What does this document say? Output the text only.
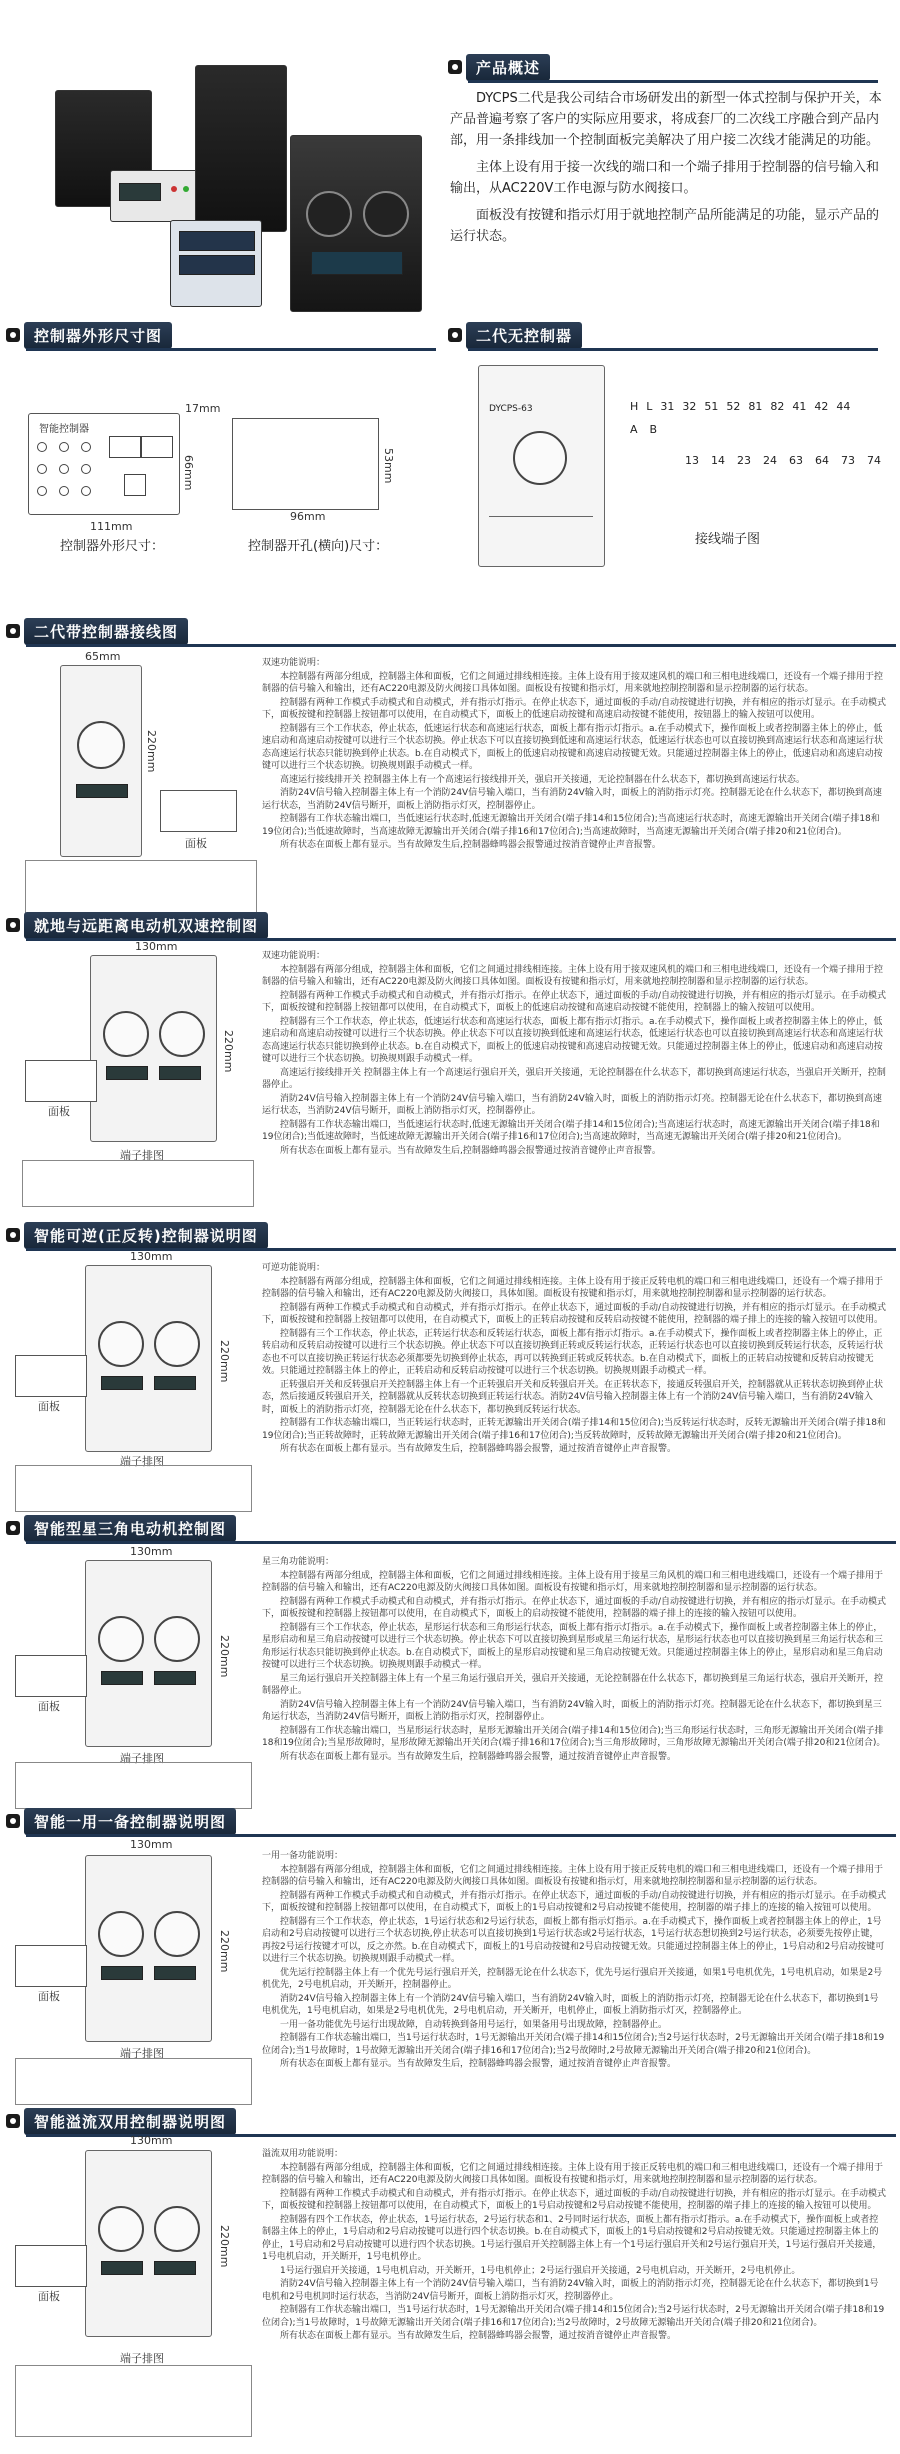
产品概述

DYCPS二代是我公司结合市场研发出的新型一体式控制与保护开关，本产品普遍考察了客户的实际应用要求，将成套厂的二次线工序融合到产品内部，用一条排线加一个控制面板完美解决了用户接二次线才能满足的功能。

主体上设有用于接一次线的端口和一个端子排用于控制器的信号输入和输出，从AC220V工作电源与防水阀接口。

面板没有按键和指示灯用于就地控制产品所能满足的功能，显示产品的运行状态。

控制器外形尺寸图
智能控制器
111mm
66mm
17mm
96mm
53mm
控制器外形尺寸：	控制器开孔(横向)尺寸：
二代无控制器
DYCPS-63	H L 31 32 51 52 81 82 41 42 44
A B
13 14 23 24 63 64 73 74
接线端子图
二代带控制器接线图
65mm
220mm
面板

双速功能说明：

本控制器有两部分组成，控制器主体和面板，它们之间通过排线相连接。主体上设有用于接双速风机的端口和三相电进线端口，还设有一个端子排用于控制器的信号输入和输出，还有AC220电源及防火阀接口具体如图。面板设有按键和指示灯，用来就地控制控制器和显示控制器的运行状态。

控制器有两种工作模式手动模式和自动模式，并有指示灯指示。在停止状态下，通过面板的手动/自动按键进行切换，并有相应的指示灯显示。在手动模式下，面板按键和控制器上按钮都可以使用，在自动模式下，面板上的低速启动按键和高速启动按键不能使用，按钮器上的输入按钮可以使用。

控制器有三个工作状态，停止状态，低速运行状态和高速运行状态，面板上都有指示灯指示。a.在手动模式下，操作面板上或者控制器主体上的停止，低速启动和高速启动按键可以进行三个状态切换。停止状态下可以直接切换到低速和高速运行状态，低速运行状态也可以直接切换到高速运行状态和高速运行状态高速运行状态只能切换到停止状态。b.在自动模式下，面板上的低速启动按键和高速启动按键无效。只能通过控制器主体上的停止，低速启动和高速启动按键可以进行三个状态切换。切换规则跟手动模式一样。

高速运行接线排开关 控制器主体上有一个高速运行接线排开关，强启开关接通，无论控制器在什么状态下，都切换到高速运行状态。

消防24V信号输入控制器主体上有一个消防24V信号输入端口，当有消防24V输入时，面板上的消防指示灯亮。控制器无论在什么状态下，都切换到高速运行状态，当消防24V信号断开，面板上消防指示灯灭，控制器停止。

控制器有工作状态输出端口，当低速运行状态时,低速无源输出开关闭合(端子排14和15位闭合);当高速运行状态时，高速无源输出开关闭合(端子排18和19位闭合);当低速故障时，当高速故障无源输出开关闭合(端子排16和17位闭合);当高速故障时，当高速无源输出开关闭合(端子排20和21位闭合)。

所有状态在面板上都有显示。当有故障发生后,控制器蜂鸣器会报警通过按消音键停止声音报警。

就地与远距离电动机双速控制图
130mm
220mm
面板
端子排图

双速功能说明：

本控制器有两部分组成，控制器主体和面板，它们之间通过排线相连接。主体上设有用于接双速风机的端口和三相电进线端口，还设有一个端子排用于控制器的信号输入和输出，还有AC220电源及防火阀接口具体如图。面板设有按键和指示灯，用来就地控制控制器和显示控制器的运行状态。

控制器有两种工作模式手动模式和自动模式，并有指示灯指示。在停止状态下，通过面板的手动/自动按键进行切换，并有相应的指示灯显示。在手动模式下，面板按键和控制器上按钮都可以使用，在自动模式下，面板上的低速启动按键和高速启动按键不能使用，控制器上的输入按钮可以使用。

控制器有三个工作状态，停止状态，低速运行状态和高速运行状态，面板上都有指示灯指示。a.在手动模式下，操作面板上或者控制器主体上的停止，低速启动和高速启动按键可以进行三个状态切换。停止状态下可以直接切换到低速和高速运行状态，低速运行状态也可以直接切换到高速运行状态和高速运行状态高速运行状态只能切换到停止状态。b.在自动模式下，面板上的低速启动按键和高速启动按键无效。只能通过控制器主体上的停止，低速启动和高速启动按键可以进行三个状态切换。切换规则跟手动模式一样。

高速运行接线排开关 控制器主体上有一个高速运行强启开关，强启开关接通，无论控制器在什么状态下，都切换到高速运行状态，当强启开关断开，控制器停止。

消防24V信号输入控制器主体上有一个消防24V信号输入端口，当有消防24V输入时，面板上的消防指示灯亮。控制器无论在什么状态下，都切换到高速运行状态，当消防24V信号断开，面板上消防指示灯灭，控制器停止。

控制器有工作状态输出端口，当低速运行状态时,低速无源输出开关闭合(端子排14和15位闭合);当高速运行状态时，高速无源输出开关闭合(端子排18和19位闭合);当低速故障时，当低速故障无源输出开关闭合(端子排16和17位闭合);当高速故障时，当高速无源输出开关闭合(端子排20和21位闭合)。

所有状态在面板上都有显示。当有故障发生后,控制器蜂鸣器会报警通过按消音键停止声音报警。

智能可逆(正反转)控制器说明图
130mm
220mm
面板
端子排图

可逆功能说明：

本控制器有两部分组成，控制器主体和面板，它们之间通过排线相连接。主体上设有用于接正反转电机的端口和三相电进线端口，还设有一个端子排用于控制器的信号输入和输出，还有AC220电源及防火阀接口，具体如图。面板设有按键和指示灯，用来就地控制控制器和显示控制器的运行状态。

控制器有两种工作模式手动模式和自动模式，并有指示灯指示。在停止状态下，通过面板的手动/自动按键进行切换，并有相应的指示灯显示。在手动模式下，面板按键和控制器上按钮都可以使用，在自动模式下，面板上的正转启动按键和反转启动按键不能使用，控制器的端子排上的连接的输入按钮可以使用。

控制器有三个工作状态，停止状态，正转运行状态和反转运行状态，面板上都有指示灯指示。a.在手动模式下，操作面板上或者控制器主体上的停止，正转启动和反转启动按键可以进行三个状态切换。停止状态下可以直接切换到正转或反转运行状态，正转运行状态也可以直接切换到反转运行状态，反转运行状态也不可以直接切换正转运行状态必须都要先切换到停止状态，再可以转换到正转或反转状态。b.在自动模式下，面板上的正转启动按键和反转启动按键无效。只能通过控制器主体上的停止，正转启动和反转启动按键可以进行三个状态切换。切换规则跟手动模式一样。

正转强启开关和反转强启开关控制器主体上有一个正转强启开关和反转强启开关。在正转状态下，接通反转强启开关，控制器就从正转状态切换到停止状态，然后接通反转强启开关，控制器就从反转状态切换到正转运行状态。消防24V信号输入控制器主体上有一个消防24V信号输入端口，当有消防24V输入时，面板上的消防指示灯亮，控制器无论在什么状态下，都切换到反转运行状态。

控制器有工作状态输出端口，当正转运行状态时，正转无源输出开关闭合(端子排14和15位闭合);当反转运行状态时，反转无源输出开关闭合(端子排18和19位闭合);当正转故障时，正转故障无源输出开关闭合(端子排16和17位闭合);当反转故障时，反转故障无源输出开关闭合(端子排20和21位闭合)。

所有状态在面板上都有显示。当有故障发生后，控制器蜂鸣器会报警，通过按消音键停止声音报警。

智能型星三角电动机控制图
130mm
220mm
面板
端子排图

星三角功能说明：

本控制器有两部分组成，控制器主体和面板，它们之间通过排线相连接。主体上设有用于接星三角风机的端口和三相电进线端口，还设有一个端子排用于控制器的信号输入和输出，还有AC220电源及防火阀接口具体如图。面板设有按键和指示灯，用来就地控制控制器和显示控制器的运行状态。

控制器有两种工作模式手动模式和自动模式，并有指示灯指示。在停止状态下，通过面板的手动/自动按键进行切换，并有相应的指示灯显示。在手动模式下，面板按键和控制器上按钮都可以使用，在自动模式下，面板上的启动按键不能使用，控制器的端子排上的连接的输入按钮可以使用。

控制器有三个工作状态，停止状态，星形运行状态和三角形运行状态，面板上都有指示灯指示。a.在手动模式下，操作面板上或者控制器主体上的停止，星形启动和星三角启动按键可以进行三个状态切换。停止状态下可以直接切换到星形或星三角运行状态，星形运行状态也可以直接切换到星三角运行状态和三角形运行状态只能切换到停止状态。b.在自动模式下，面板上的星形启动按键和星三角启动按键无效。只能通过控制器主体上的停止，星形启动和星三角启动按键可以进行三个状态切换。切换规则跟手动模式一样。

星三角运行强启开关控制器主体上有一个星三角运行强启开关，强启开关接通，无论控制器在什么状态下，都切换到星三角运行状态，强启开关断开，控制器停止。

消防24V信号输入控制器主体上有一个消防24V信号输入端口，当有消防24V输入时，面板上的消防指示灯亮。控制器无论在什么状态下，都切换到星三角运行状态，当消防24V信号断开，面板上消防指示灯灭，控制器停止。

控制器有工作状态输出端口，当星形运行状态时，星形无源输出开关闭合(端子排14和15位闭合);当三角形运行状态时，三角形无源输出开关闭合(端子排18和19位闭合);当星形故障时，星形故障无源输出开关闭合(端子排16和17位闭合);当三角形故障时，三角形故障无源输出开关闭合(端子排20和21位闭合)。

所有状态在面板上都有显示。当有故障发生后，控制器蜂鸣器会报警，通过按消音键停止声音报警。

智能一用一备控制器说明图
130mm
220mm
面板
端子排图

一用一备功能说明：

本控制器有两部分组成，控制器主体和面板，它们之间通过排线相连接。主体上设有用于接正反转电机的端口和三相电进线端口，还设有一个端子排用于控制器的信号输入和输出，还有AC220电源及防火阀接口具体如图。面板设有按键和指示灯，用来就地控制控制器和显示控制器的运行状态。

控制器有两种工作模式手动模式和自动模式，并有指示灯指示。在停止状态下，通过面板的手动/自动按键进行切换，并有相应的指示灯显示。在手动模式下，面板按键和控制器上按钮都可以使用，在自动模式下，面板上的1号启动按键和2号启动按键不能使用，控制器的端子排上的连接的输入按钮可以使用。

控制器有三个工作状态，停止状态，1号运行状态和2号运行状态，面板上都有指示灯指示。a.在手动模式下，操作面板上或者控制器主体上的停止，1号启动和2号启动按键可以进行三个状态切换,停止状态可以直接切换到1号运行状态或2号运行状态，1号运行状态想切换到2号运行状态，必须要先按停止键，再按2号运行按键才可以，反之亦然。b.在自动模式下，面板上的1号启动按键和2号启动按键无效。只能通过控制器主体上的停止，1号启动和2号启动按键可以进行三个状态切换。切换规则跟手动模式一样。

优先运行控制器主体上有一个优先号运行强启开关，控制器无论在什么状态下，优先号运行强启开关接通，如果1号电机优先，1号电机启动，如果是2号机优先，2号电机启动，开关断开，控制器停止。

消防24V信号输入控制器主体上有一个消防24V信号输入端口，当有消防24V输入时，面板上的消防指示灯亮，控制器无论在什么状态下，都切换到1号电机优先，1号电机启动，如果是2号电机优先，2号电机启动，开关断开，电机停止，面板上消防指示灯灭，控制器停止。

一用一备功能优先号运行出现故障，自动转换到备用号运行，如果备用号出现故障，控制器停止。

控制器有工作状态输出端口，当1号运行状态时，1号无源输出开关闭合(端子排14和15位闭合);当2号运行状态时，2号无源输出开关闭合(端子排18和19位闭合);当1号故障时，1号故障无源输出开关闭合(端子排16和17位闭合);当2号故障时,2号故障无源输出开关闭合(端子排20和21位闭合)。

所有状态在面板上都有显示。当有故障发生后，控制器蜂鸣器会报警，通过按消音键停止声音报警。

智能溢流双用控制器说明图
130mm
220mm
面板
端子排图

溢流双用功能说明：

本控制器有两部分组成，控制器主体和面板，它们之间通过排线相连接。主体上设有用于接正反转电机的端口和三相电进线端口，还设有一个端子排用于控制器的信号输入和输出，还有AC220电源及防火阀接口具体如图。面板设有按键和指示灯，用来就地控制控制器和显示控制器的运行状态。

控制器有两种工作模式手动模式和自动模式，并有指示灯指示。在停止状态下，通过面板的手动/自动按键进行切换，并有相应的指示灯显示。在手动模式下，面板按键和控制器上按钮都可以使用，在自动模式下，面板上的1号启动按键和2号启动按键不能使用，控制器的端子排上的连接的输入按钮可以使用。

控制器有四个工作状态，停止状态，1号运行状态，2号运行状态和1、2号同时运行状态，面板上都有指示灯指示。a.在手动模式下，操作面板上或者控制器主体上的停止，1号启动和2号启动按键可以进行四个状态切换。b.在自动模式下，面板上的1号启动按键和2号启动按键无效。只能通过控制器主体上的停止，1号启动和2号启动按键可以进行四个状态切换。1号运行强启开关控制器主体上有一个1号运行强启开关和2号运行强启开关，1号运行强启开关接通，1号电机启动，开关断开，1号电机停止。

1号运行强启开关接通，1号电机启动，开关断开，1号电机停止；2号运行强启开关接通，2号电机启动，开关断开，2号电机停止。

消防24V信号输入控制器主体上有一个消防24V信号输入端口，当有消防24V输入时，面板上的消防指示灯亮，控制器无论在什么状态下，都切换到1号电机和2号电机同时运行状态，当消防24V信号断开，面板上消防指示灯灭，控制器停止。

控制器有工作状态输出端口，当1号运行状态时，1号无源输出开关闭合(端子排14和15位闭合);当2号运行状态时，2号无源输出开关闭合(端子排18和19位闭合);当1号故障时，1号故障无源输出开关闭合(端子排16和17位闭合);当2号故障时，2号故障无源输出开关闭合(端子排20和21位闭合)。

所有状态在面板上都有显示。当有故障发生后，控制器蜂鸣器会报警，通过按消音键停止声音报警。
